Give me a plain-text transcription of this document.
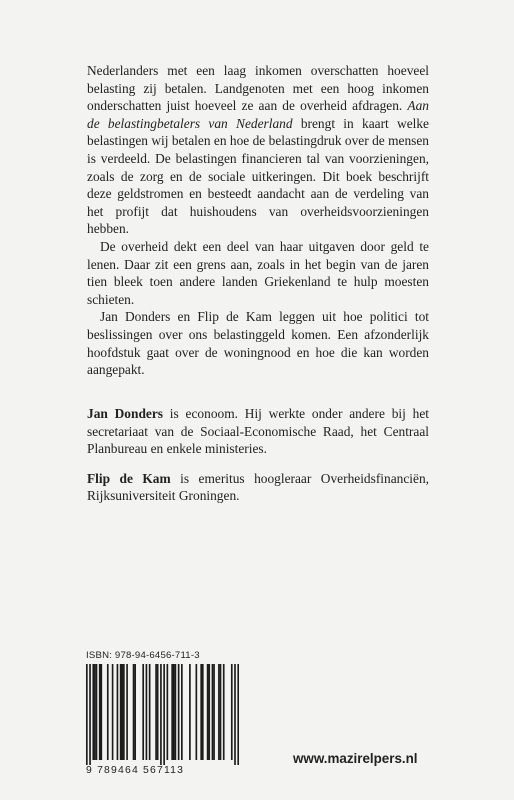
Nederlanders met een laag inkomen overschatten hoeveel belasting zij betalen. Landgenoten met een hoog inkomen onderschatten juist hoeveel ze aan de overheid afdragen. Aan de belastingbetalers van Nederland brengt in kaart welke belastingen wij betalen en hoe de belastingdruk over de mensen is verdeeld. De belastingen financieren tal van voorzieningen, zoals de zorg en de sociale uitkeringen. Dit boek beschrijft deze geldstromen en besteedt aandacht aan de verdeling van het profijt dat huishoudens van overheidsvoorzieningen hebben.

De overheid dekt een deel van haar uitgaven door geld te lenen. Daar zit een grens aan, zoals in het begin van de jaren tien bleek toen andere landen Griekenland te hulp moesten schieten.

Jan Donders en Flip de Kam leggen uit hoe politici tot beslissingen over ons belastinggeld komen. Een afzonderlijk hoofdstuk gaat over de woningnood en hoe die kan worden aangepakt.

Jan Donders is econoom. Hij werkte onder andere bij het secretariaat van de Sociaal-Economische Raad, het Centraal Planbureau en enkele ministeries.

Flip de Kam is emeritus hoogleraar Overheidsfinanciën, Rijksuniversiteit Groningen.

ISBN: 978-94-6456-711-3
9 789464 567113
www.mazirelpers.nl
